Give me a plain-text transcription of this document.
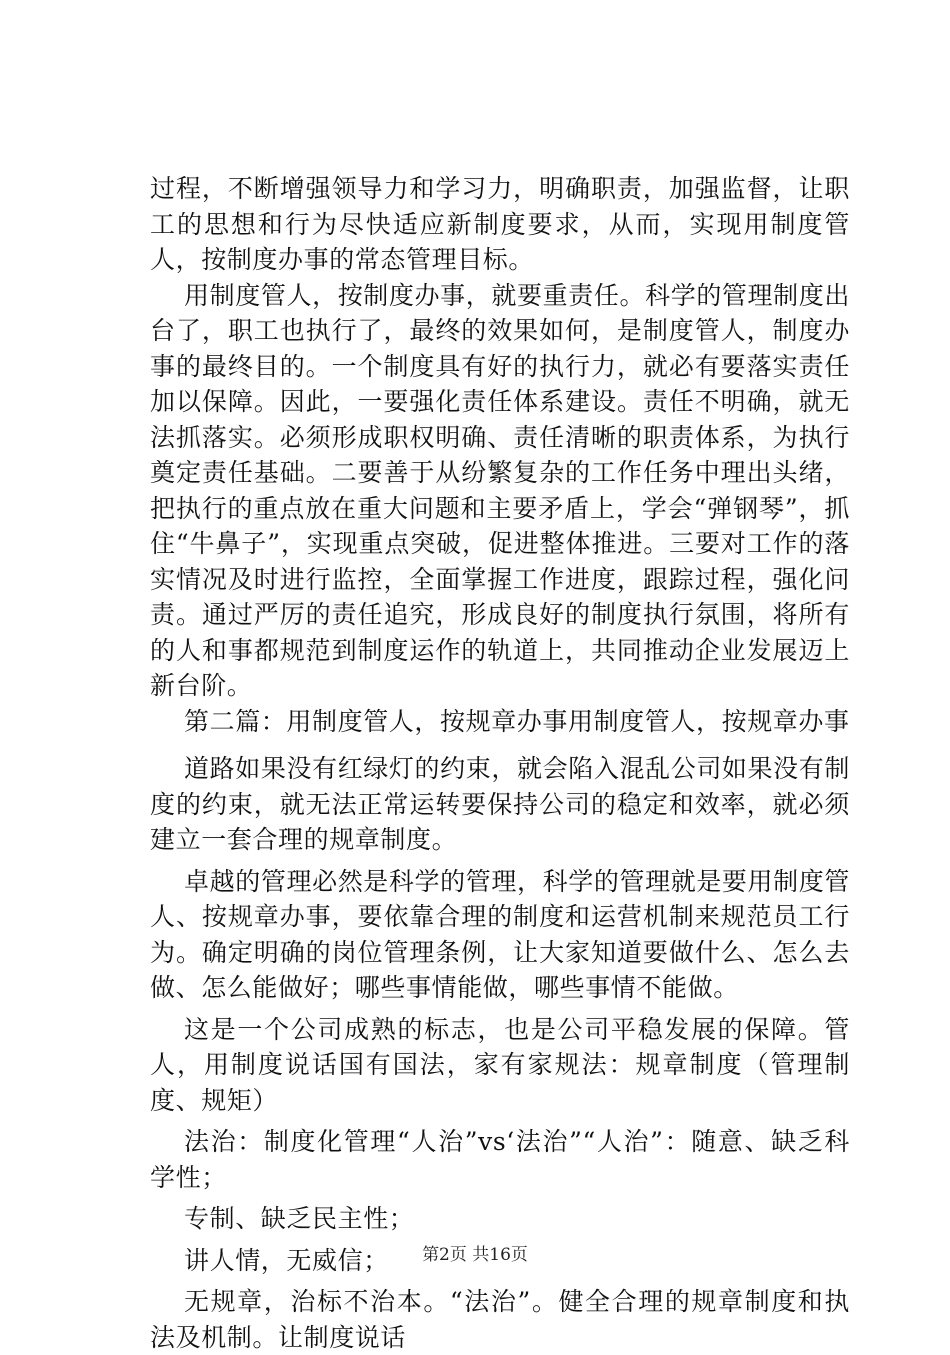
过程，不断增强领导力和学习力，明确职责，加强监督，让职工的思想和行为尽快适应新制度要求，从而，实现用制度管人，按制度办事的常态管理目标。

用制度管人，按制度办事，就要重责任。科学的管理制度出台了，职工也执行了，最终的效果如何，是制度管人，制度办事的最终目的。一个制度具有好的执行力，就必有要落实责任加以保障。因此，一要强化责任体系建设。责任不明确，就无法抓落实。必须形成职权明确、责任清晰的职责体系，为执行奠定责任基础。二要善于从纷繁复杂的工作任务中理出头绪，把执行的重点放在重大问题和主要矛盾上，学会“弹钢琴”，抓住“牛鼻子”，实现重点突破，促进整体推进。三要对工作的落实情况及时进行监控，全面掌握工作进度，跟踪过程，强化问责。通过严厉的责任追究，形成良好的制度执行氛围，将所有的人和事都规范到制度运作的轨道上，共同推动企业发展迈上新台阶。

第二篇：用制度管人，按规章办事用制度管人，按规章办事

道路如果没有红绿灯的约束，就会陷入混乱公司如果没有制度的约束，就无法正常运转要保持公司的稳定和效率，就必须建立一套合理的规章制度。

卓越的管理必然是科学的管理，科学的管理就是要用制度管人、按规章办事，要依靠合理的制度和运营机制来规范员工行为。确定明确的岗位管理条例，让大家知道要做什么、怎么去做、怎么能做好；哪些事情能做，哪些事情不能做。

这是一个公司成熟的标志，也是公司平稳发展的保障。管人，用制度说话国有国法，家有家规法：规章制度（管理制度、规矩）

法治：制度化管理“人治”vs‘法治”“人治”：随意、缺乏科学性；

专制、缺乏民主性；

讲人情，无威信；

无规章，治标不治本。“法治”。健全合理的规章制度和执法及机制。让制度说话

第2页 共16页
